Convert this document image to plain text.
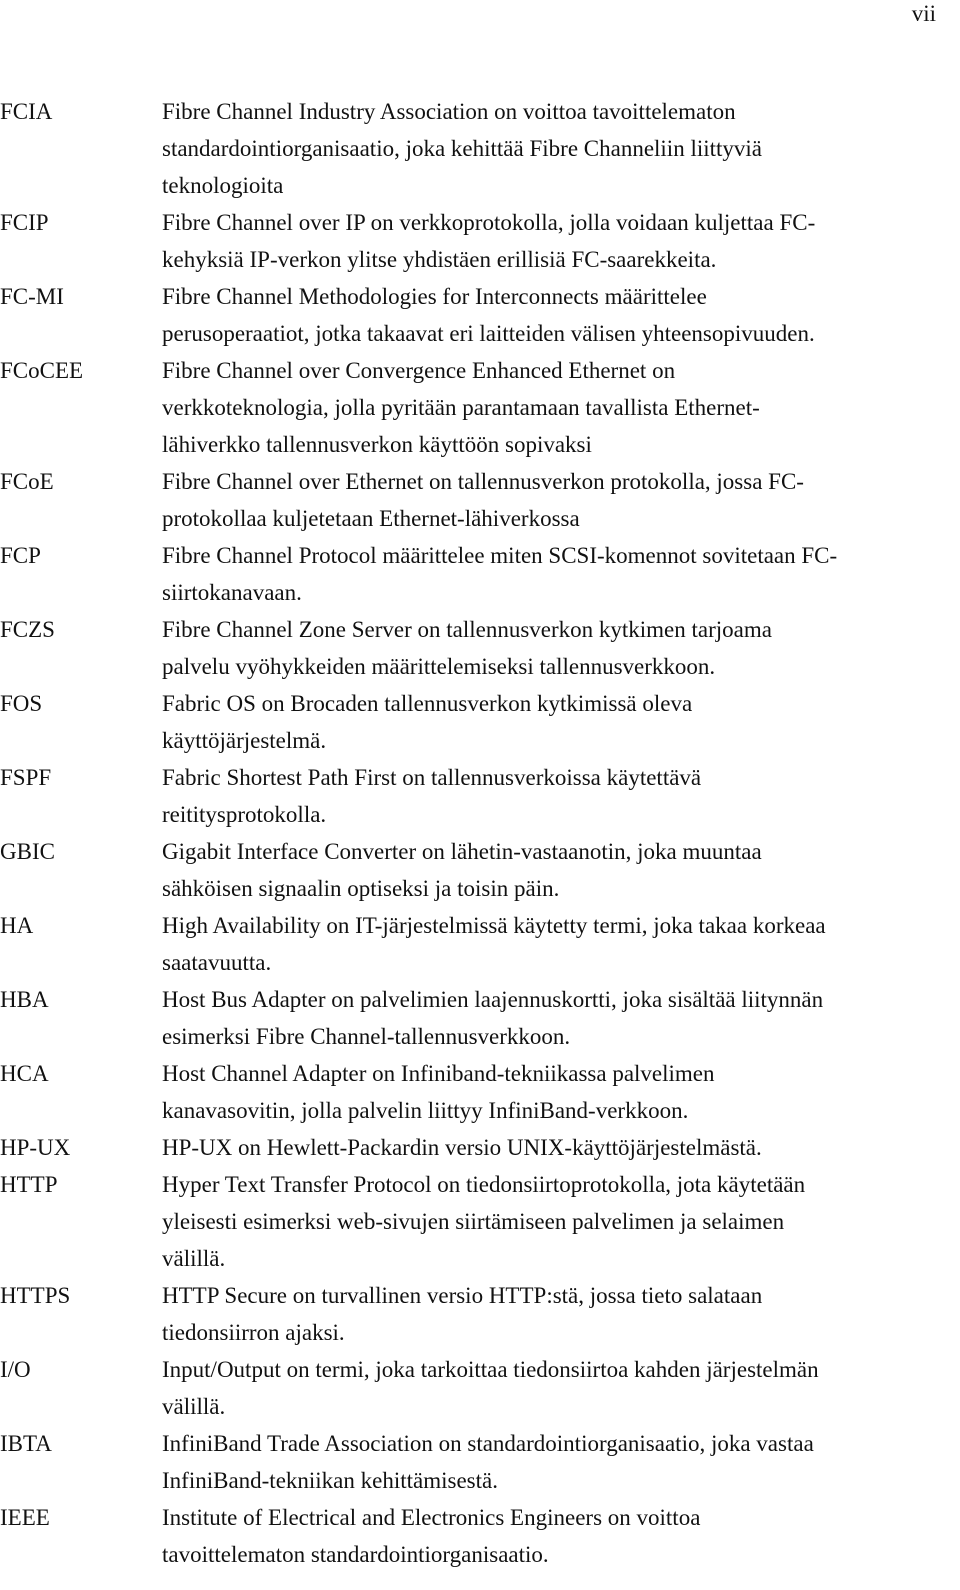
vii
FCIA	Fibre Channel Industry Association on voittoa tavoittelematon
standardointiorganisaatio, joka kehittää Fibre Channeliin liittyviä
teknologioita
FCIP	Fibre Channel over IP on verkkoprotokolla, jolla voidaan kuljettaa FC-
kehyksiä IP-verkon ylitse yhdistäen erillisiä FC-saarekkeita.
FC-MI	Fibre Channel Methodologies for Interconnects määrittelee
perusoperaatiot, jotka takaavat eri laitteiden välisen yhteensopivuuden.
FCoCEE	Fibre Channel over Convergence Enhanced Ethernet on
verkkoteknologia, jolla pyritään parantamaan tavallista Ethernet-
lähiverkko tallennusverkon käyttöön sopivaksi
FCoE	Fibre Channel over Ethernet on tallennusverkon protokolla, jossa FC-
protokollaa kuljetetaan Ethernet-lähiverkossa
FCP	Fibre Channel Protocol määrittelee miten SCSI-komennot sovitetaan FC-
siirtokanavaan.
FCZS	Fibre Channel Zone Server on tallennusverkon kytkimen tarjoama
palvelu vyöhykkeiden määrittelemiseksi tallennusverkkoon.
FOS	Fabric OS on Brocaden tallennusverkon kytkimissä oleva
käyttöjärjestelmä.
FSPF	Fabric Shortest Path First on tallennusverkoissa käytettävä
reititysprotokolla.
GBIC	Gigabit Interface Converter on lähetin-vastaanotin, joka muuntaa
sähköisen signaalin optiseksi ja toisin päin.
HA	High Availability on IT-järjestelmissä käytetty termi, joka takaa korkeaa
saatavuutta.
HBA	Host Bus Adapter on palvelimien laajennuskortti, joka sisältää liitynnän
esimerksi Fibre Channel-tallennusverkkoon.
HCA	Host Channel Adapter on Infiniband-tekniikassa palvelimen
kanavasovitin, jolla palvelin liittyy InfiniBand-verkkoon.
HP-UX	HP-UX on Hewlett-Packardin versio UNIX-käyttöjärjestelmästä.
HTTP	Hyper Text Transfer Protocol on tiedonsiirtoprotokolla, jota käytetään
yleisesti esimerksi web-sivujen siirtämiseen palvelimen ja selaimen
välillä.
HTTPS	HTTP Secure on turvallinen versio HTTP:stä, jossa tieto salataan
tiedonsiirron ajaksi.
I/O	Input/Output on termi, joka tarkoittaa tiedonsiirtoa kahden järjestelmän
välillä.
IBTA	InfiniBand Trade Association on standardointiorganisaatio, joka vastaa
InfiniBand-tekniikan kehittämisestä.
IEEE	Institute of Electrical and Electronics Engineers on voittoa
tavoittelematon standardointiorganisaatio.
